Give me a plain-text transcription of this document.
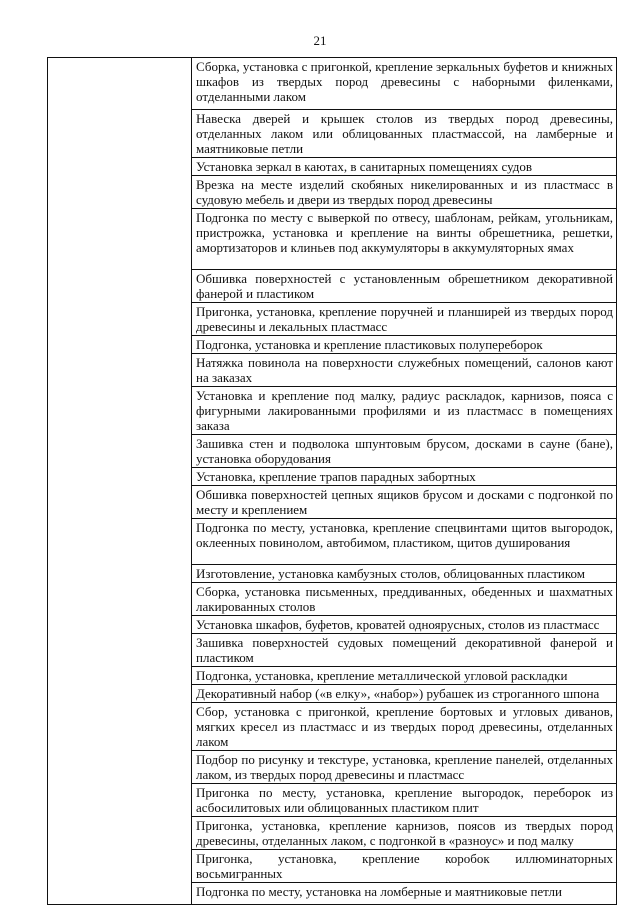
21
	Сборка, установка с пригонкой, крепление зеркальных буфетов и книжных шкафов из твердых пород древесины с наборными филенками, отделанными лаком
Навеска дверей и крышек столов из твердых пород древесины, отделанных лаком или облицованных пластмассой, на ламберные и маятниковые петли
Установка зеркал в каютах, в санитарных помещениях судов
Врезка на месте изделий скобяных никелированных и из пластмасс в судовую мебель и двери из твердых пород древесины
Подгонка по месту с выверкой по отвесу, шаблонам, рейкам, угольникам, пристрожка, установка и крепление на винты обрешетника, решетки, амортизаторов и клиньев под аккумуляторы в аккумуляторных ямах
Обшивка поверхностей с установленным обрешетником декоративной фанерой и пластиком
Пригонка, установка, крепление поручней и планширей из твердых пород древесины и лекальных пластмасс
Подгонка, установка и крепление пластиковых полупереборок
Натяжка повинола на поверхности служебных помещений, салонов кают на заказах
Установка и крепление под малку, радиус раскладок, карнизов, пояса с фигурными лакированными профилями и из пластмасс в помещениях заказа
Зашивка стен и подволока шпунтовым брусом, досками в сауне (бане), установка оборудования
Установка, крепление трапов парадных забортных
Обшивка поверхностей цепных ящиков брусом и досками с подгонкой по месту и креплением
Подгонка по месту, установка, крепление спецвинтами щитов выгородок, оклеенных повинолом, автобимом, пластиком, щитов душирования
Изготовление, установка камбузных столов, облицованных пластиком
Сборка, установка письменных, преддиванных, обеденных и шахматных лакированных столов
Установка шкафов, буфетов, кроватей одноярусных, столов из пластмасс
Зашивка поверхностей судовых помещений декоративной фанерой и пластиком
Подгонка, установка, крепление металлической угловой раскладки
Декоративный набор («в елку», «набор») рубашек из строганного шпона
Сбор, установка с пригонкой, крепление бортовых и угловых диванов, мягких кресел из пластмасс и из твердых пород древесины, отделанных лаком
Подбор по рисунку и текстуре, установка, крепление панелей, отделанных лаком, из твердых пород древесины и пластмасс
Пригонка по месту, установка, крепление выгородок, переборок из асбосилитовых или облицованных пластиком плит
Пригонка, установка, крепление карнизов, поясов из твердых пород древесины, отделанных лаком, с подгонкой в «разноус» и под малку
Пригонка, установка, крепление коробок иллюминаторных восьмигранных
Подгонка по месту, установка на ломберные и маятниковые петли
